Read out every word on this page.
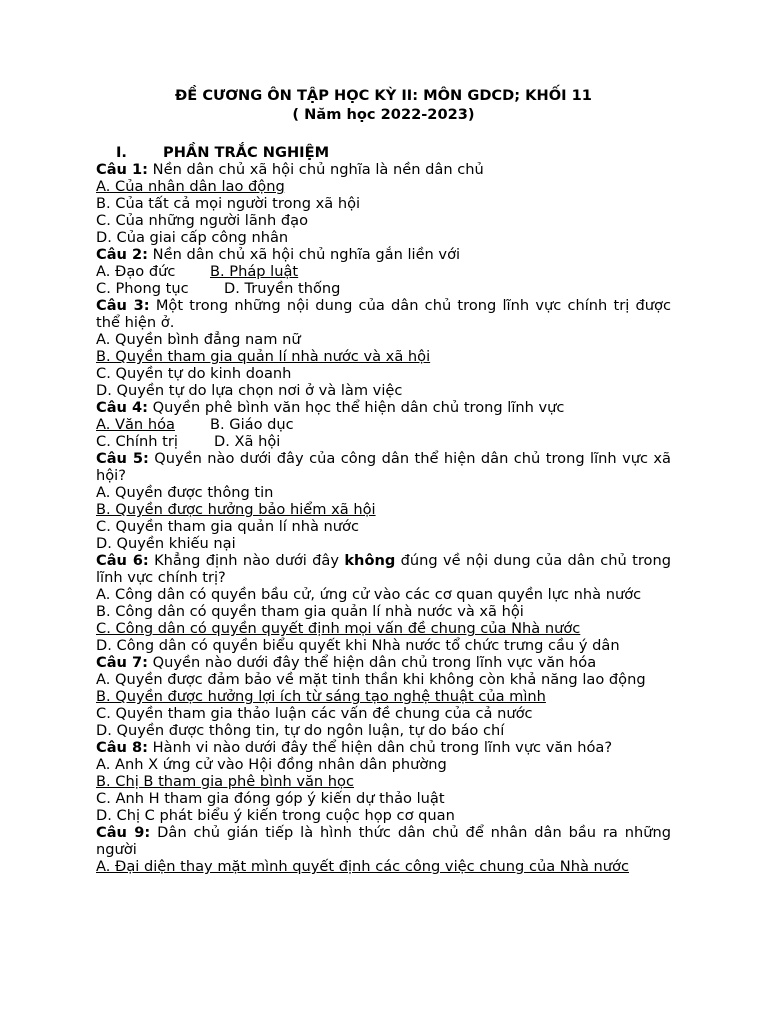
ĐỀ CƯƠNG ÔN TẬP HỌC KỲ II: MÔN GDCD; KHỐI 11
( Năm học 2022-2023)
I.	PHẦN TRẮC NGHIỆM
Câu 1: Nền dân chủ xã hội chủ nghĩa là nền dân chủ
A. Của nhân dân lao động
B. Của tất cả mọi người trong xã hội
C. Của những người lãnh đạo
D. Của giai cấp công nhân
Câu 2: Nền dân chủ xã hội chủ nghĩa gắn liền với
A. Đạo đức	B. Pháp luật
C. Phong tục	D. Truyền thống
Câu 3: Một trong những nội dung của dân chủ trong lĩnh vực chính trị được thể hiện ở.
A. Quyền bình đẳng nam nữ
B. Quyền tham gia quản lí nhà nước và xã hội
C. Quyền tự do kinh doanh
D. Quyền tự do lựa chọn nơi ở và làm việc
Câu 4: Quyền phê bình văn học thể hiện dân chủ trong lĩnh vực
A. Văn hóa	B. Giáo dục
C. Chính trị	D. Xã hội
Câu 5: Quyền nào dưới đây của công dân thể hiện dân chủ trong lĩnh vực xã hội?
A. Quyền được thông tin
B. Quyền được hưởng bảo hiểm xã hội
C. Quyền tham gia quản lí nhà nước
D. Quyền khiếu nại
Câu 6: Khẳng định nào dưới đây không đúng về nội dung của dân chủ trong lĩnh vực chính trị?
A. Công dân có quyền bầu cử, ứng cử vào các cơ quan quyền lực nhà nước
B. Công dân có quyền tham gia quản lí nhà nước và xã hội
C. Công dân có quyền quyết định mọi vấn đề chung của Nhà nước
D. Công dân có quyền biểu quyết khi Nhà nước tổ chức trưng cầu ý dân
Câu 7: Quyền nào dưới đây thể hiện dân chủ trong lĩnh vực văn hóa
A. Quyền được đảm bảo về mặt tinh thần khi không còn khả năng lao động
B. Quyền được hưởng lợi ích từ sáng tạo nghệ thuật của mình
C. Quyền tham gia thảo luận các vấn đề chung của cả nước
D. Quyền được thông tin, tự do ngôn luận, tự do báo chí
Câu 8: Hành vi nào dưới đây thể hiện dân chủ trong lĩnh vực văn hóa?
A. Anh X ứng cử vào Hội đồng nhân dân phường
B. Chị B tham gia phê bình văn học
C. Anh H tham gia đóng góp ý kiến dự thảo luật
D. Chị C phát biểu ý kiến trong cuộc họp cơ quan
Câu 9: Dân chủ gián tiếp là hình thức dân chủ để nhân dân bầu ra những người
A. Đại diện thay mặt mình quyết định các công việc chung của Nhà nước
